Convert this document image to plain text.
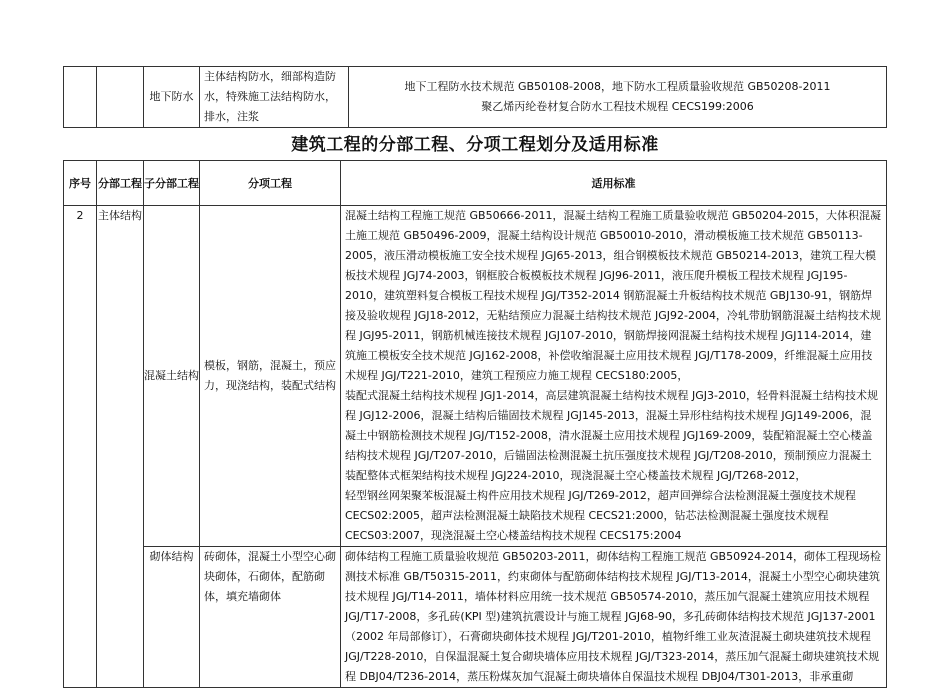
		地下防水	主体结构防水，细部构造防水，特殊施工法结构防水，排水，注浆	
地下工程防水技术规范 GB50108-2008，地下防水工程质量验收规范 GB50208-2011
聚乙烯丙纶卷材复合防水工程技术规程 CECS199:2006
建筑工程的分部工程、分项工程划分及适用标准
序号	分部工程	子分部工程	分项工程	适用标准
2	主体结构	混凝土结构	模板，钢筋，混凝土，预应力，现浇结构，装配式结构	混凝土结构工程施工规范 GB50666-2011，混凝土结构工程施工质量验收规范 GB50204-2015，大体积混凝土施工规范 GB50496-2009，混凝土结构设计规范 GB50010-2010，滑动模板施工技术规范 GB50113-2005，液压滑动模板施工安全技术规程 JGJ65-2013，组合钢模板技术规范 GB50214-2013，建筑工程大模板技术规程 JGJ74-2003，钢框胶合板模板技术规程 JGJ96-2011，液压爬升模板工程技术规程 JGJ195-2010，建筑塑料复合模板工程技术规程 JGJ/T352-2014 钢筋混凝土升板结构技术规范 GBJ130-91，钢筋焊接及验收规程 JGJ18-2012，无粘结预应力混凝土结构技术规范 JGJ92-2004，冷轧带肋钢筋混凝土结构技术规程 JGJ95-2011，钢筋机械连接技术规程 JGJ107-2010，钢筋焊接网混凝土结构技术规程 JGJ114-2014，建筑施工模板安全技术规范 JGJ162-2008，补偿收缩混凝土应用技术规程 JGJ/T178-2009，纤维混凝土应用技术规程 JGJ/T221-2010，建筑工程预应力施工规程 CECS180:2005，
装配式混凝土结构技术规程 JGJ1-2014，高层建筑混凝土结构技术规程 JGJ3-2010，轻骨料混凝土结构技术规程 JGJ12-2006，混凝土结构后锚固技术规程 JGJ145-2013，混凝土异形柱结构技术规程 JGJ149-2006，混凝土中钢筋检测技术规程 JGJ/T152-2008，清水混凝土应用技术规程 JGJ169-2009，装配箱混凝土空心楼盖结构技术规程 JGJ/T207-2010，后锚固法检测混凝土抗压强度技术规程 JGJ/T208-2010，预制预应力混凝土装配整体式框架结构技术规程 JGJ224-2010，现浇混凝土空心楼盖技术规程 JGJ/T268-2012，
轻型钢丝网架聚苯板混凝土构件应用技术规程 JGJ/T269-2012，超声回弹综合法检测混凝土强度技术规程 CECS02:2005，超声法检测混凝土缺陷技术规程 CECS21:2000，钻芯法检测混凝土强度技术规程 CECS03:2007，现浇混凝土空心楼盖结构技术规程 CECS175:2004

		砌体结构	砖砌体，混凝土小型空心砌块砌体，石砌体，配筋砌体，填充墙砌体	砌体结构工程施工质量验收规范 GB50203-2011，砌体结构工程施工规范 GB50924-2014，砌体工程现场检测技术标准 GB/T50315-2011，约束砌体与配筋砌体结构技术规程 JGJ/T13-2014，混凝土小型空心砌块建筑技术规程 JGJ/T14-2011，墙体材料应用统一技术规范 GB50574-2010，蒸压加气混凝土建筑应用技术规程 JGJ/T17-2008，多孔砖(KPI 型)建筑抗震设计与施工规程 JGJ68-90，多孔砖砌体结构技术规范 JGJ137-2001（2002 年局部修订），石膏砌块砌体技术规程 JGJ/T201-2010，植物纤维工业灰渣混凝土砌块建筑技术规程 JGJ/T228-2010，自保温混凝土复合砌块墙体应用技术规程 JGJ/T323-2014，蒸压加气混凝土砌块建筑技术规程 DBJ04/T236-2014，蒸压粉煤灰加气混凝土砌块墙体自保温技术规程 DBJ04/T301-2013，非承重砌
